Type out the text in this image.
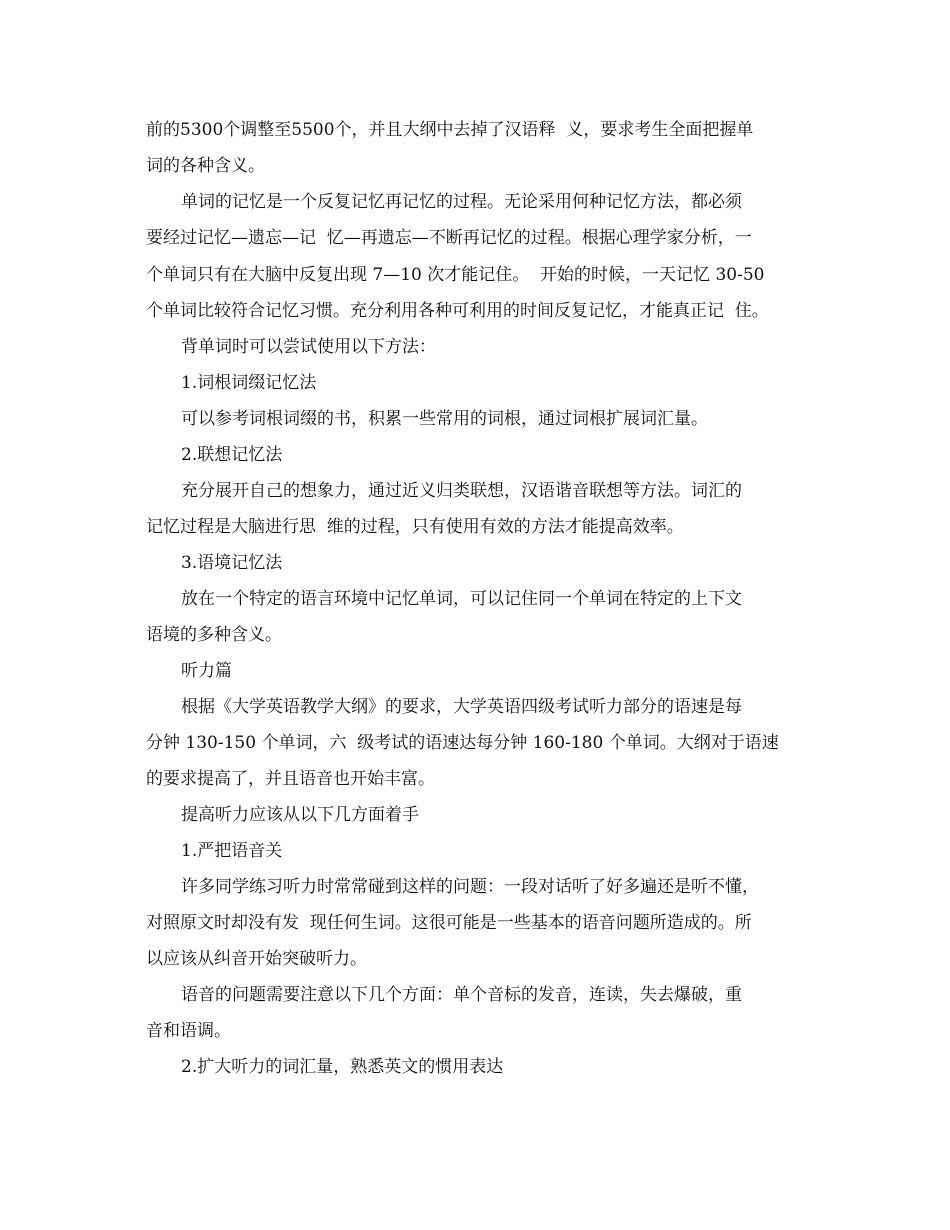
前的5300个调整至5500个，并且大纲中去掉了汉语释  义，要求考生全面把握单
词的各种含义。
单词的记忆是一个反复记忆再记忆的过程。无论采用何种记忆方法，都必须
要经过记忆—遗忘—记  忆—再遗忘—不断再记忆的过程。根据心理学家分析，一
个单词只有在大脑中反复出现 7—10 次才能记住。  开始的时候，一天记忆 30-50
个单词比较符合记忆习惯。充分利用各种可利用的时间反复记忆，才能真正记  住。
背单词时可以尝试使用以下方法：
1.词根词缀记忆法
可以参考词根词缀的书，积累一些常用的词根，通过词根扩展词汇量。
2.联想记忆法
充分展开自己的想象力，通过近义归类联想，汉语谐音联想等方法。词汇的
记忆过程是大脑进行思  维的过程，只有使用有效的方法才能提高效率。
3.语境记忆法
放在一个特定的语言环境中记忆单词，可以记住同一个单词在特定的上下文
语境的多种含义。
听力篇
根据《大学英语教学大纲》的要求，大学英语四级考试听力部分的语速是每
分钟 130-150 个单词，六  级考试的语速达每分钟 160-180 个单词。大纲对于语速
的要求提高了，并且语音也开始丰富。
提高听力应该从以下几方面着手
1.严把语音关
许多同学练习听力时常常碰到这样的问题：一段对话听了好多遍还是听不懂，
对照原文时却没有发  现任何生词。这很可能是一些基本的语音问题所造成的。所
以应该从纠音开始突破听力。
语音的问题需要注意以下几个方面：单个音标的发音，连读，失去爆破，重
音和语调。
2.扩大听力的词汇量，熟悉英文的惯用表达
